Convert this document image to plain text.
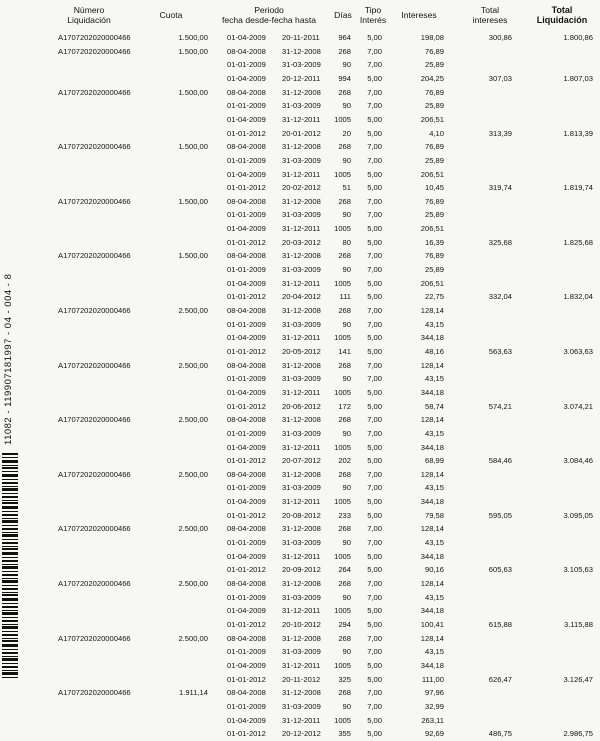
Número
Liquidación	Cuota	Periodo
fecha desde-fecha hasta	Días	Tipo
Interés	Intereses	Total
intereses
Total
Liquidación
11082 - 119907181997 - 04 - 004 - 8
A1707202020000466	1.500,00	01-04-2009	20-11-2011	964	5,00	198,08	300,86	1.800,86
A1707202020000466	1.500,00	08-04-2008	31-12-2008	268	7,00	76,89
01-01-2009	31-03-2009	90	7,00	25,89
01-04-2009	20-12-2011	994	5,00	204,25	307,03	1.807,03
A1707202020000466	1.500,00	08-04-2008	31-12-2008	268	7,00	76,89
01-01-2009	31-03-2009	90	7,00	25,89
01-04-2009	31-12-2011	1005	5,00	206,51
01-01-2012	20-01-2012	20	5,00	4,10	313,39	1.813,39
A1707202020000466	1.500,00	08-04-2008	31-12-2008	268	7,00	76,89
01-01-2009	31-03-2009	90	7,00	25,89
01-04-2009	31-12-2011	1005	5,00	206,51
01-01-2012	20-02-2012	51	5,00	10,45	319,74	1.819,74
A1707202020000466	1.500,00	08-04-2008	31-12-2008	268	7,00	76,89
01-01-2009	31-03-2009	90	7,00	25,89
01-04-2009	31-12-2011	1005	5,00	206,51
01-01-2012	20-03-2012	80	5,00	16,39	325,68	1.825,68
A1707202020000466	1.500,00	08-04-2008	31-12-2008	268	7,00	76,89
01-01-2009	31-03-2009	90	7,00	25,89
01-04-2009	31-12-2011	1005	5,00	206,51
01-01-2012	20-04-2012	111	5,00	22,75	332,04	1.832,04
A1707202020000466	2.500,00	08-04-2008	31-12-2008	268	7,00	128,14
01-01-2009	31-03-2009	90	7,00	43,15
01-04-2009	31-12-2011	1005	5,00	344,18
01-01-2012	20-05-2012	141	5,00	48,16	563,63	3.063,63
A1707202020000466	2.500,00	08-04-2008	31-12-2008	268	7,00	128,14
01-01-2009	31-03-2009	90	7,00	43,15
01-04-2009	31-12-2011	1005	5,00	344,18
01-01-2012	20-06-2012	172	5,00	58,74	574,21	3.074,21
A1707202020000466	2.500,00	08-04-2008	31-12-2008	268	7,00	128,14
01-01-2009	31-03-2009	90	7,00	43,15
01-04-2009	31-12-2011	1005	5,00	344,18
01-01-2012	20-07-2012	202	5,00	68,99	584,46	3.084,46
A1707202020000466	2.500,00	08-04-2008	31-12-2008	268	7,00	128,14
01-01-2009	31-03-2009	90	7,00	43,15
01-04-2009	31-12-2011	1005	5,00	344,18
01-01-2012	20-08-2012	233	5,00	79,58	595,05	3.095,05
A1707202020000466	2.500,00	08-04-2008	31-12-2008	268	7,00	128,14
01-01-2009	31-03-2009	90	7,00	43,15
01-04-2009	31-12-2011	1005	5,00	344,18
01-01-2012	20-09-2012	264	5,00	90,16	605,63	3.105,63
A1707202020000466	2.500,00	08-04-2008	31-12-2008	268	7,00	128,14
01-01-2009	31-03-2009	90	7,00	43,15
01-04-2009	31-12-2011	1005	5,00	344,18
01-01-2012	20-10-2012	294	5,00	100,41	615,88	3.115,88
A1707202020000466	2.500,00	08-04-2008	31-12-2008	268	7,00	128,14
01-01-2009	31-03-2009	90	7,00	43,15
01-04-2009	31-12-2011	1005	5,00	344,18
01-01-2012	20-11-2012	325	5,00	111,00	626,47	3.126,47
A1707202020000466	1.911,14	08-04-2008	31-12-2008	268	7,00	97,96
01-01-2009	31-03-2009	90	7,00	32,99
01-04-2009	31-12-2011	1005	5,00	263,11
01-01-2012	20-12-2012	355	5,00	92,69	486,75	2.986,75
